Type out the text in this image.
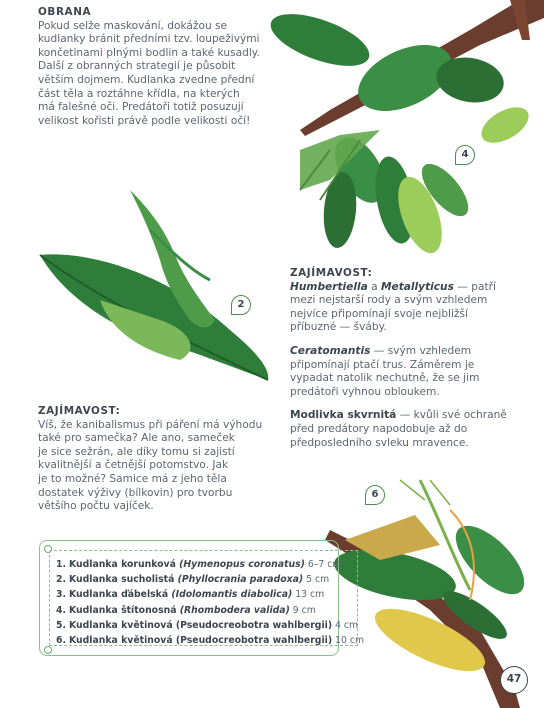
OBRANA
Pokud selže maskování, dokážou se
kudlanky bránit předními tzv. loupeživými
končetinami plnými bodlin a také kusadly.
Další z obranných strategií je působit
větším dojmem. Kudlanka zvedne přední
část těla a roztáhne křídla, na kterých
má falešné oči. Predátoři totiž posuzují
velikost kořisti právě podle velikosti očí!
ZAJÍMAVOST:
Humbertiella a Metallyticus — patří
mezi nejstarší rody a svým vzhledem
nejvíce připomínají svoje nejbližší
příbuzné — šváby.
Ceratomantis — svým vzhledem
připomínají ptačí trus. Záměrem je
vypadat natolik nechutně, že se jim
predátoři vyhnou obloukem.
Modlivka skvrnitá — kvůli své ochraně
před predátory napodobuje až do
předposledního svleku mravence.
ZAJÍMAVOST:
Víš, že kanibalismus při páření má výhodu
také pro samečka? Ale ano, sameček
je sice sežrán, ale díky tomu si zajistí
kvalitnější a četnější potomstvo. Jak
je to možné? Samice má z jeho těla
dostatek výživy (bílkovin) pro tvorbu
většího počtu vajíček.
4
2
6
1. Kudlanka korunková (Hymenopus coronatus) 6–7 cm
2. Kudlanka sucholistá (Phyllocrania paradoxa) 5 cm
3. Kudlanka ďábelská (Idolomantis diabolica) 13 cm
4. Kudlanka štítonosná (Rhombodera valida) 9 cm
5. Kudlanka květinová (Pseudocreobotra wahlbergii) 4 cm
6. Kudlanka květinová (Pseudocreobotra wahlbergii) 10 cm
47
